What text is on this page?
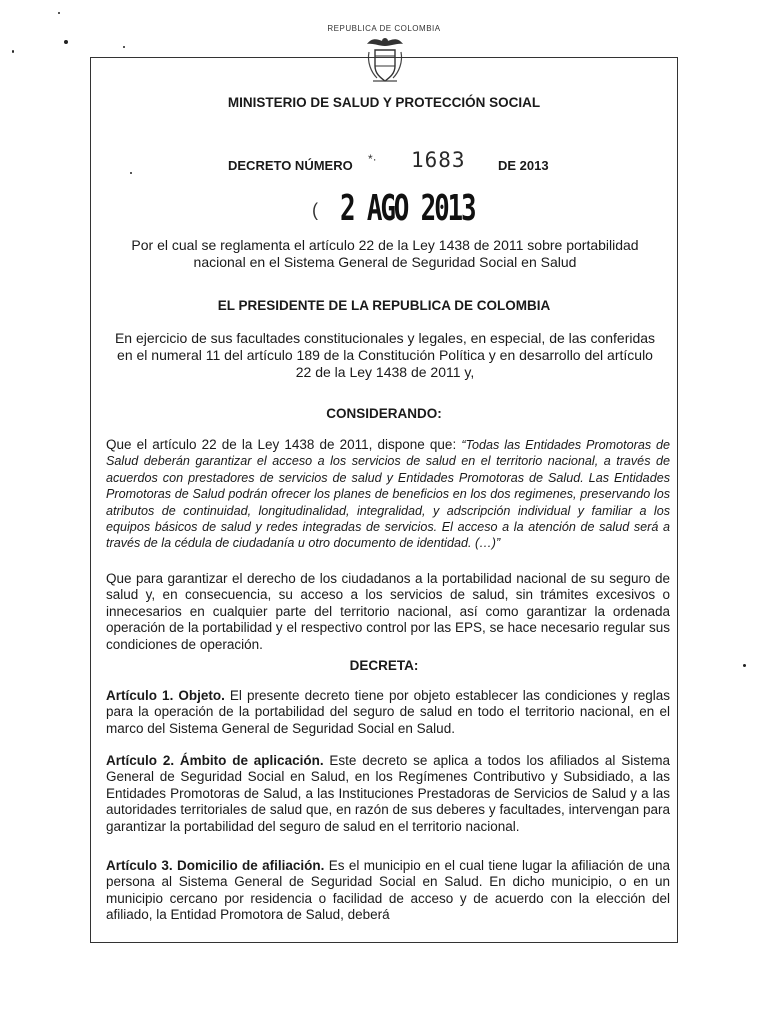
REPUBLICA DE COLOMBIA
MINISTERIO DE SALUD Y PROTECCIÓN SOCIAL
DECRETO NÚMERO *· 1683 DE 2013
( 2 AGO 2013
Por el cual se reglamenta el artículo 22 de la Ley 1438 de 2011 sobre portabilidad nacional en el Sistema General de Seguridad Social en Salud
EL PRESIDENTE DE LA REPUBLICA DE COLOMBIA
En ejercicio de sus facultades constitucionales y legales, en especial, de las conferidas en el numeral 11 del artículo 189 de la Constitución Política y en desarrollo del artículo 22 de la Ley 1438 de 2011 y,
CONSIDERANDO:
Que el artículo 22 de la Ley 1438 de 2011, dispone que: “Todas las Entidades Promotoras de Salud deberán garantizar el acceso a los servicios de salud en el territorio nacional, a través de acuerdos con prestadores de servicios de salud y Entidades Promotoras de Salud. Las Entidades Promotoras de Salud podrán ofrecer los planes de beneficios en los dos regimenes, preservando los atributos de continuidad, longitudinalidad, integralidad, y adscripción individual y familiar a los equipos básicos de salud y redes integradas de servicios. El acceso a la atención de salud será a través de la cédula de ciudadanía u otro documento de identidad. (…)”
Que para garantizar el derecho de los ciudadanos a la portabilidad nacional de su seguro de salud y, en consecuencia, su acceso a los servicios de salud, sin trámites excesivos o innecesarios en cualquier parte del territorio nacional, así como garantizar la ordenada operación de la portabilidad y el respectivo control por las EPS, se hace necesario regular sus condiciones de operación.
DECRETA:
Artículo 1. Objeto. El presente decreto tiene por objeto establecer las condiciones y reglas para la operación de la portabilidad del seguro de salud en todo el territorio nacional, en el marco del Sistema General de Seguridad Social en Salud.
Artículo 2. Ámbito de aplicación. Este decreto se aplica a todos los afiliados al Sistema General de Seguridad Social en Salud, en los Regímenes Contributivo y Subsidiado, a las Entidades Promotoras de Salud, a las Instituciones Prestadoras de Servicios de Salud y a las autoridades territoriales de salud que, en razón de sus deberes y facultades, intervengan para garantizar la portabilidad del seguro de salud en el territorio nacional.
Artículo 3. Domicilio de afiliación. Es el municipio en el cual tiene lugar la afiliación de una persona al Sistema General de Seguridad Social en Salud. En dicho municipio, o en un municipio cercano por residencia o facilidad de acceso y de acuerdo con la elección del afiliado, la Entidad Promotora de Salud, deberá
